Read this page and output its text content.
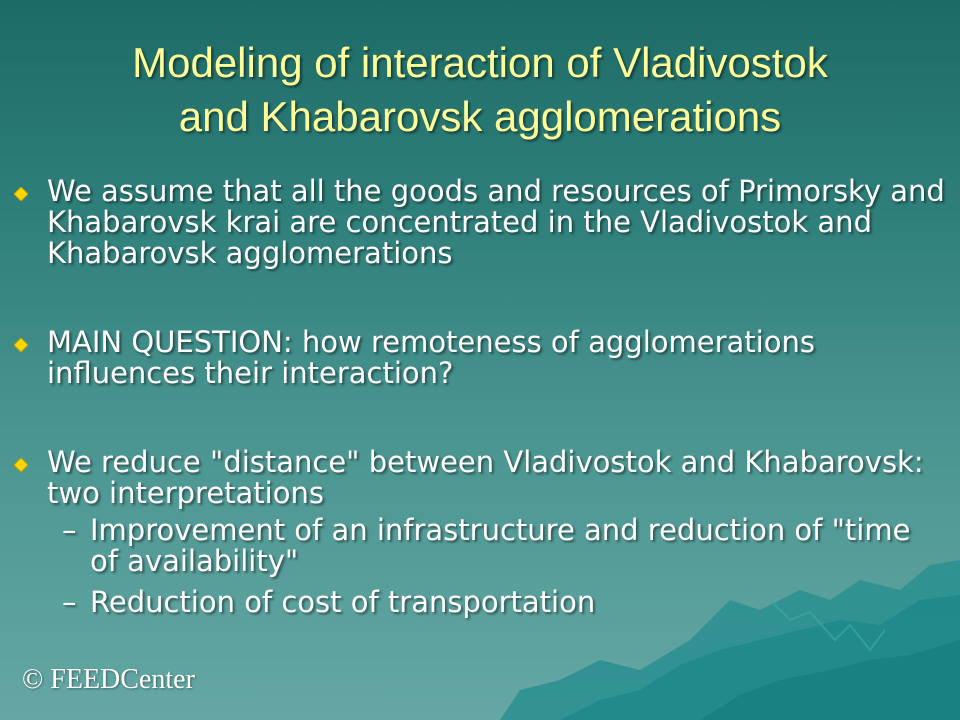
Modeling of interaction of Vladivostok
and Khabarovsk agglomerations
We assume that all the goods and resources of Primorsky and Khabarovsk krai are concentrated in the Vladivostok and Khabarovsk agglomerations
MAIN QUESTION: how remoteness of agglomerations influences their interaction?
We reduce "distance" between Vladivostok and Khabarovsk: two interpretations
– Improvement of an infrastructure and reduction of "time of availability"
– Reduction of cost of transportation
© FEEDCenter
